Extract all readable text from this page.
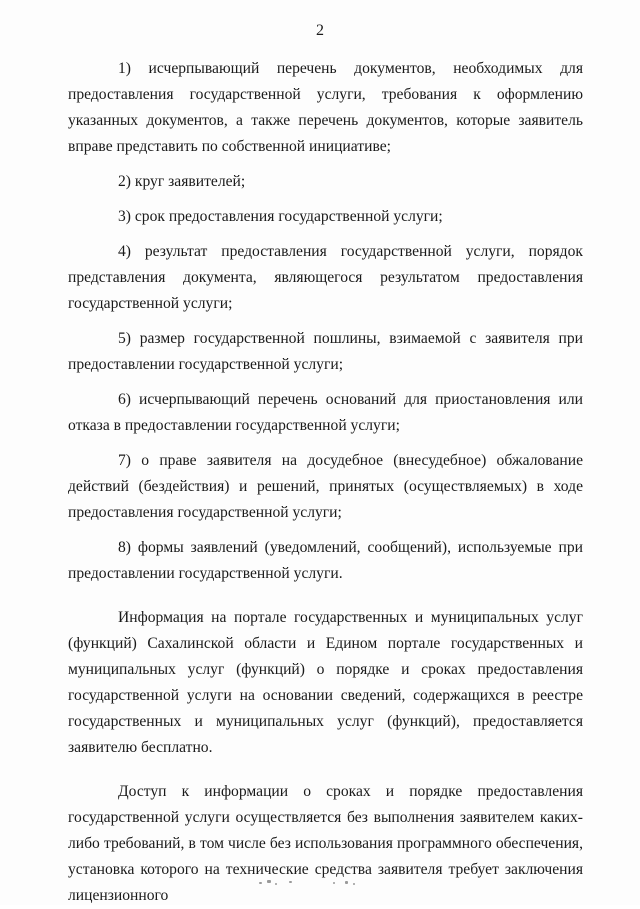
2

1) исчерпывающий перечень документов, необходимых для предоставления государственной услуги, требования к оформлению указанных документов, а также перечень документов, которые заявитель вправе представить по собственной инициативе;

2) круг заявителей;

3) срок предоставления государственной услуги;

4) результат предоставления государственной услуги, порядок представления документа, являющегося результатом предоставления государственной услуги;

5) размер государственной пошлины, взимаемой с заявителя при предоставлении государственной услуги;

6) исчерпывающий перечень оснований для приостановления или отказа в предоставлении государственной услуги;

7) о праве заявителя на досудебное (внесудебное) обжалование действий (бездействия) и решений, принятых (осуществляемых) в ходе предоставления государственной услуги;

8) формы заявлений (уведомлений, сообщений), используемые при предоставлении государственной услуги.

Информация на портале государственных и муниципальных услуг (функций) Сахалинской области и Едином портале государственных и муниципальных услуг (функций) о порядке и сроках предоставления государственной услуги на основании сведений, содержащихся в реестре государственных и муниципальных услуг (функций), предоставляется заявителю бесплатно.

Доступ к информации о сроках и порядке предоставления государственной услуги осуществляется без выполнения заявителем каких-либо требований, в том числе без использования программного обеспечения, установка которого на технические средства заявителя требует заключения лицензионного
